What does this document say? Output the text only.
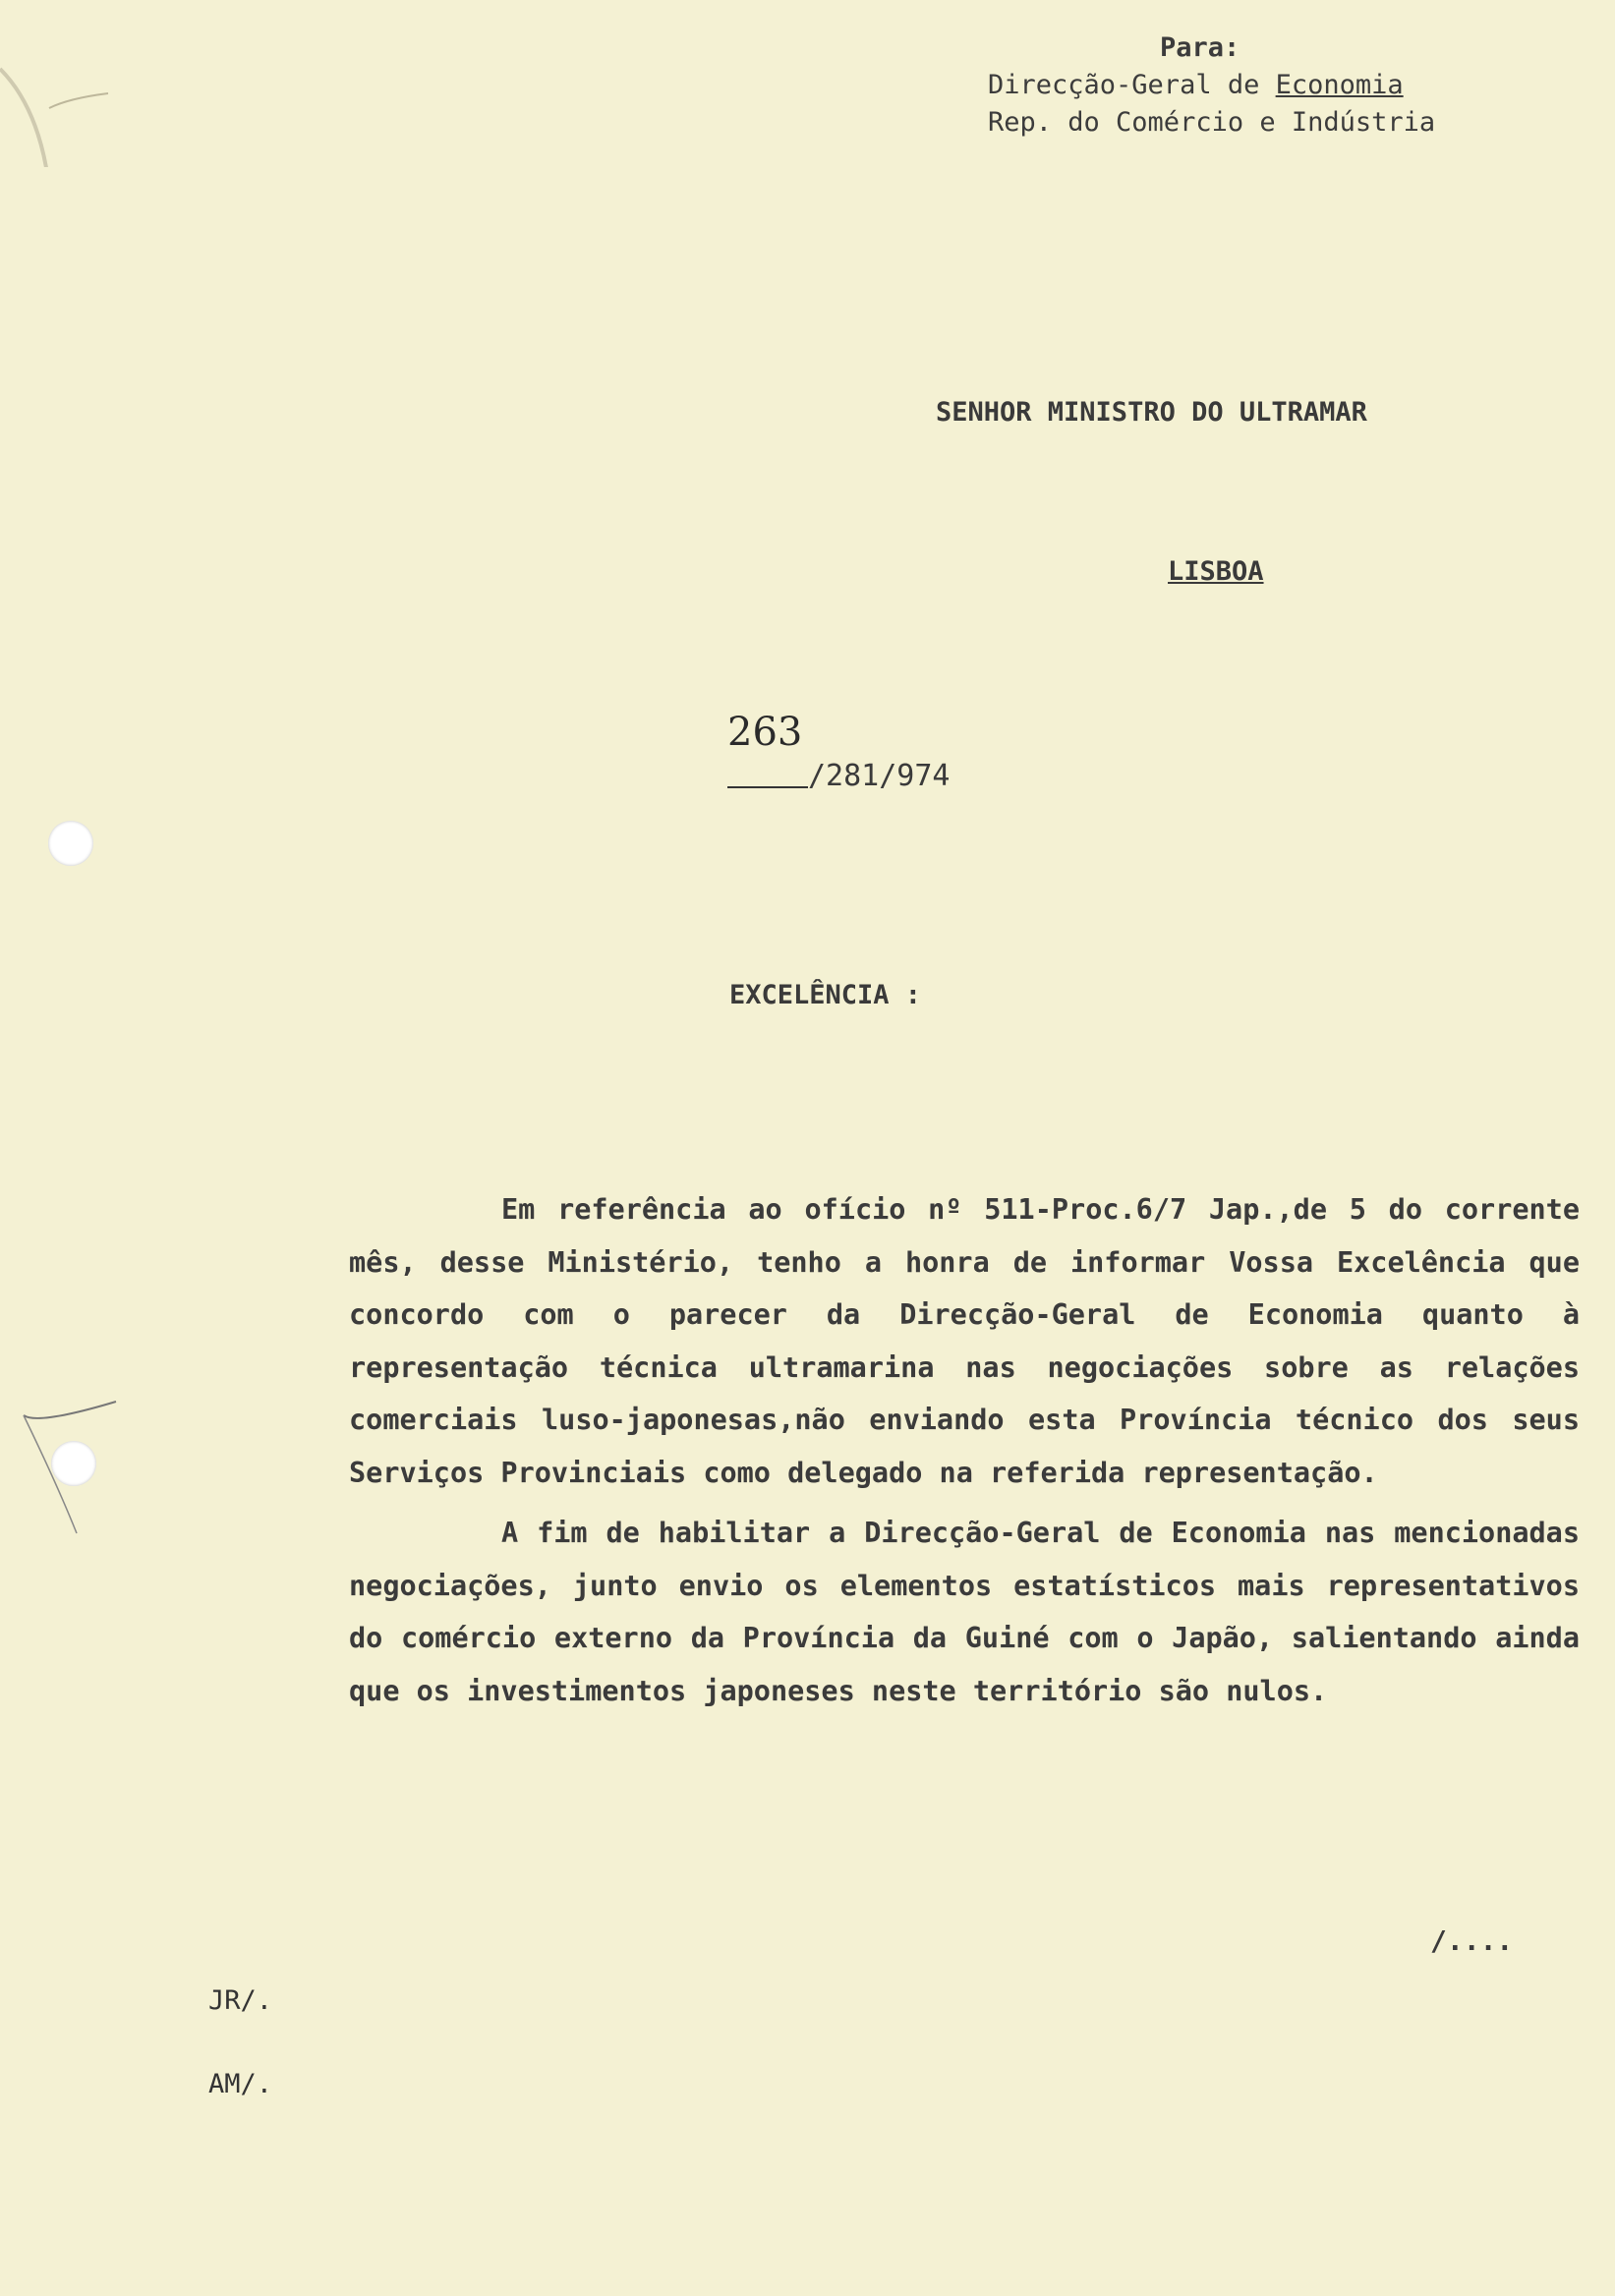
Para:
Direcção-Geral de Economia
Rep. do Comércio e Indústria
SENHOR MINISTRO DO ULTRAMAR
LISBOA
263
/281/974
EXCELÊNCIA :

Em referência ao ofício nº 511-Proc.6/7 Jap.,de 5 do corrente mês, desse Ministério, tenho a honra de informar Vossa Excelência que concordo com o parecer da Direcção-Geral de Economia quanto à representação técnica ultramarina nas negociações sobre as relações comerciais luso-japonesas,não enviando esta Província técnico dos seus Serviços Provinciais como delegado na referida representação.

A fim de habilitar a Direcção-Geral de Economia nas mencionadas negociações, junto envio os elementos estatísticos mais representativos do comércio externo da Província da Guiné com o Japão, salientando ainda que os investimentos japoneses neste território são nulos.

/....
JR/.
AM/.
